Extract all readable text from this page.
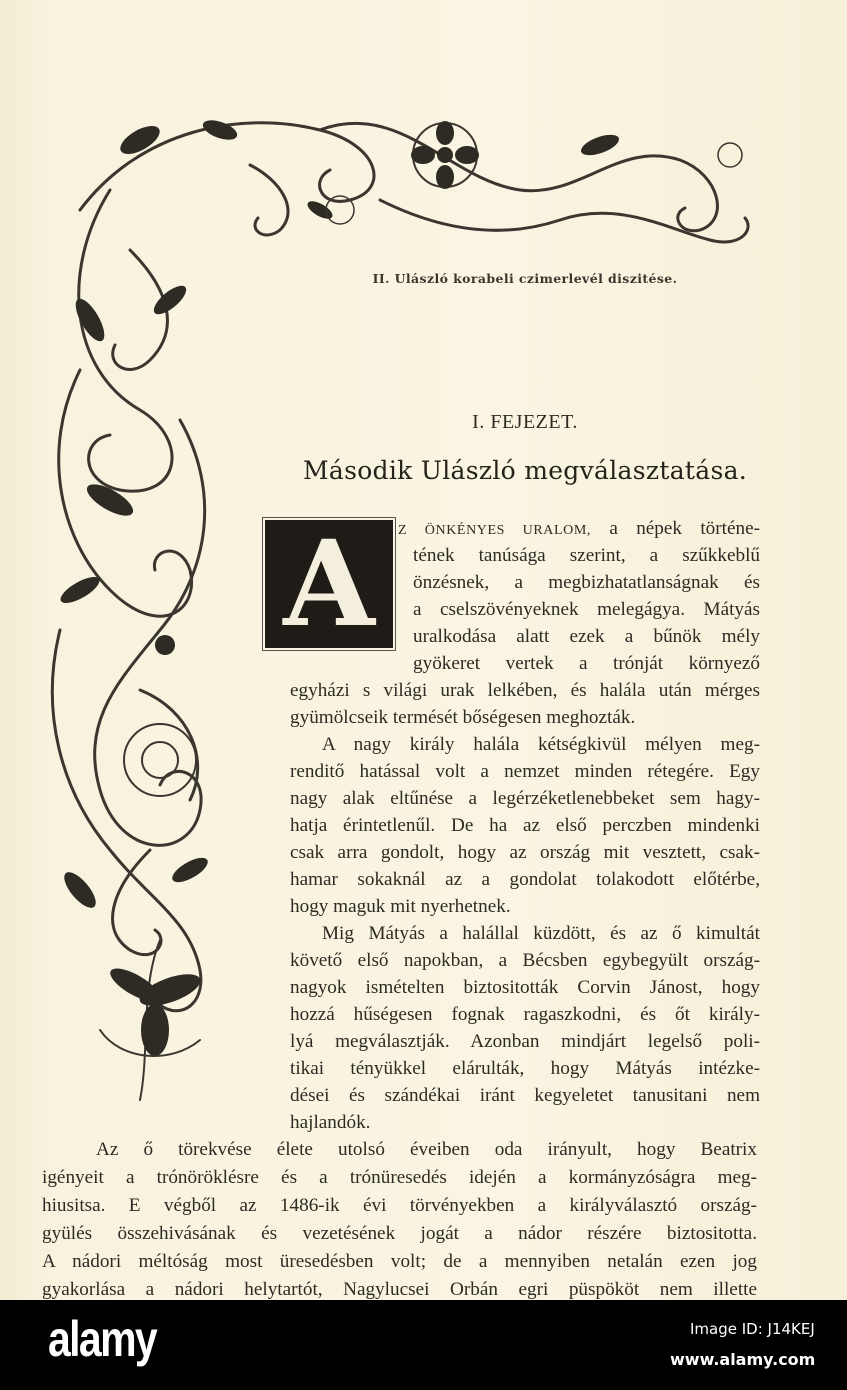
II. Ulászló korabeli czimerlevél diszitése.
I. FEJEZET.
Második Ulászló megválasztatása.
A Z ÖNKÉNYES URALOM, a népek történe-
tének tanúsága szerint, a szűkkeblű
önzésnek, a megbizhatatlanságnak és
a cselszövényeknek melegágya. Mátyás
uralkodása alatt ezek a bűnök mély
gyökeret vertek a trónját környező
egyházi s világi urak lelkében, és halála után mérges
gyümölcseik termését bőségesen meghozták.
A nagy király halála kétségkivül mélyen meg-
renditő hatással volt a nemzet minden rétegére. Egy
nagy alak eltűnése a legérzéketlenebbeket sem hagy-
hatja érintetlenűl. De ha az első perczben mindenki
csak arra gondolt, hogy az ország mit vesztett, csak-
hamar sokaknál az a gondolat tolakodott előtérbe,
hogy maguk mit nyerhetnek.
Mig Mátyás a halállal küzdött, és az ő kimultát
követő első napokban, a Bécsben egybegyült ország-
nagyok ismételten biztositották Corvin Jánost, hogy
hozzá hűségesen fognak ragaszkodni, és őt király-
lyá megválasztják. Azonban mindjárt legelső poli-
tikai tényükkel elárulták, hogy Mátyás intézke-
dései és szándékai iránt kegyeletet tanusitani nem
hajlandók.
Az ő törekvése élete utolsó éveiben oda irányult, hogy Beatrix
igényeit a trónöröklésre és a trónüresedés idején a kormányzóságra meg-
hiusitsa. E végből az 1486-ik évi törvényekben a királyválasztó ország-
gyülés összehivásának és vezetésének jogát a nádor részére biztositotta.
A nádori méltóság most üresedésben volt; de a mennyiben netalán ezen jog
gyakorlása a nádori helytartót, Nagylucsei Orbán egri püspököt nem illette
alamy	Image ID: J14KEJ
www.alamy.com
